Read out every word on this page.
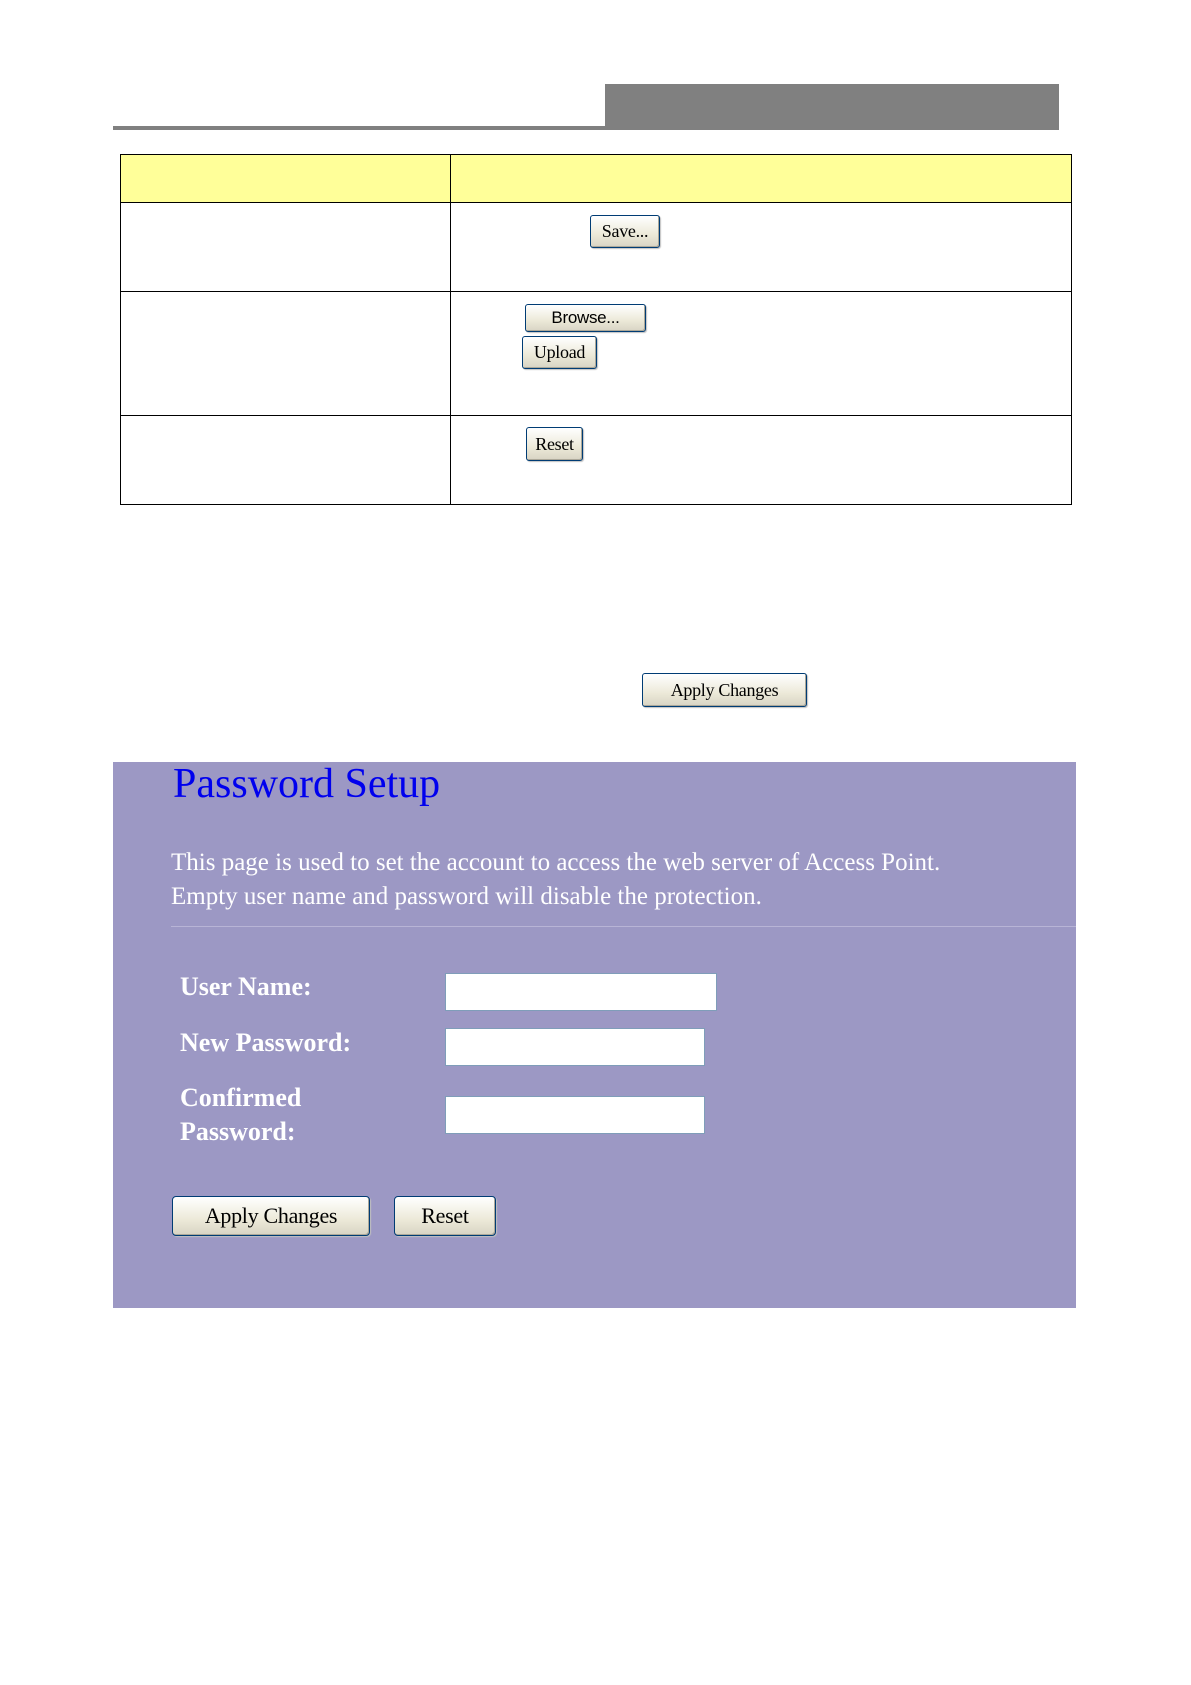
Save...

Browse...
Upload

Reset
Apply Changes
Password Setup

This page is used to set the account to access the web server of Access Point.
Empty user name and password will disable the protection.

User Name:

New Password:

Confirmed
Password:

Apply Changes	Reset
